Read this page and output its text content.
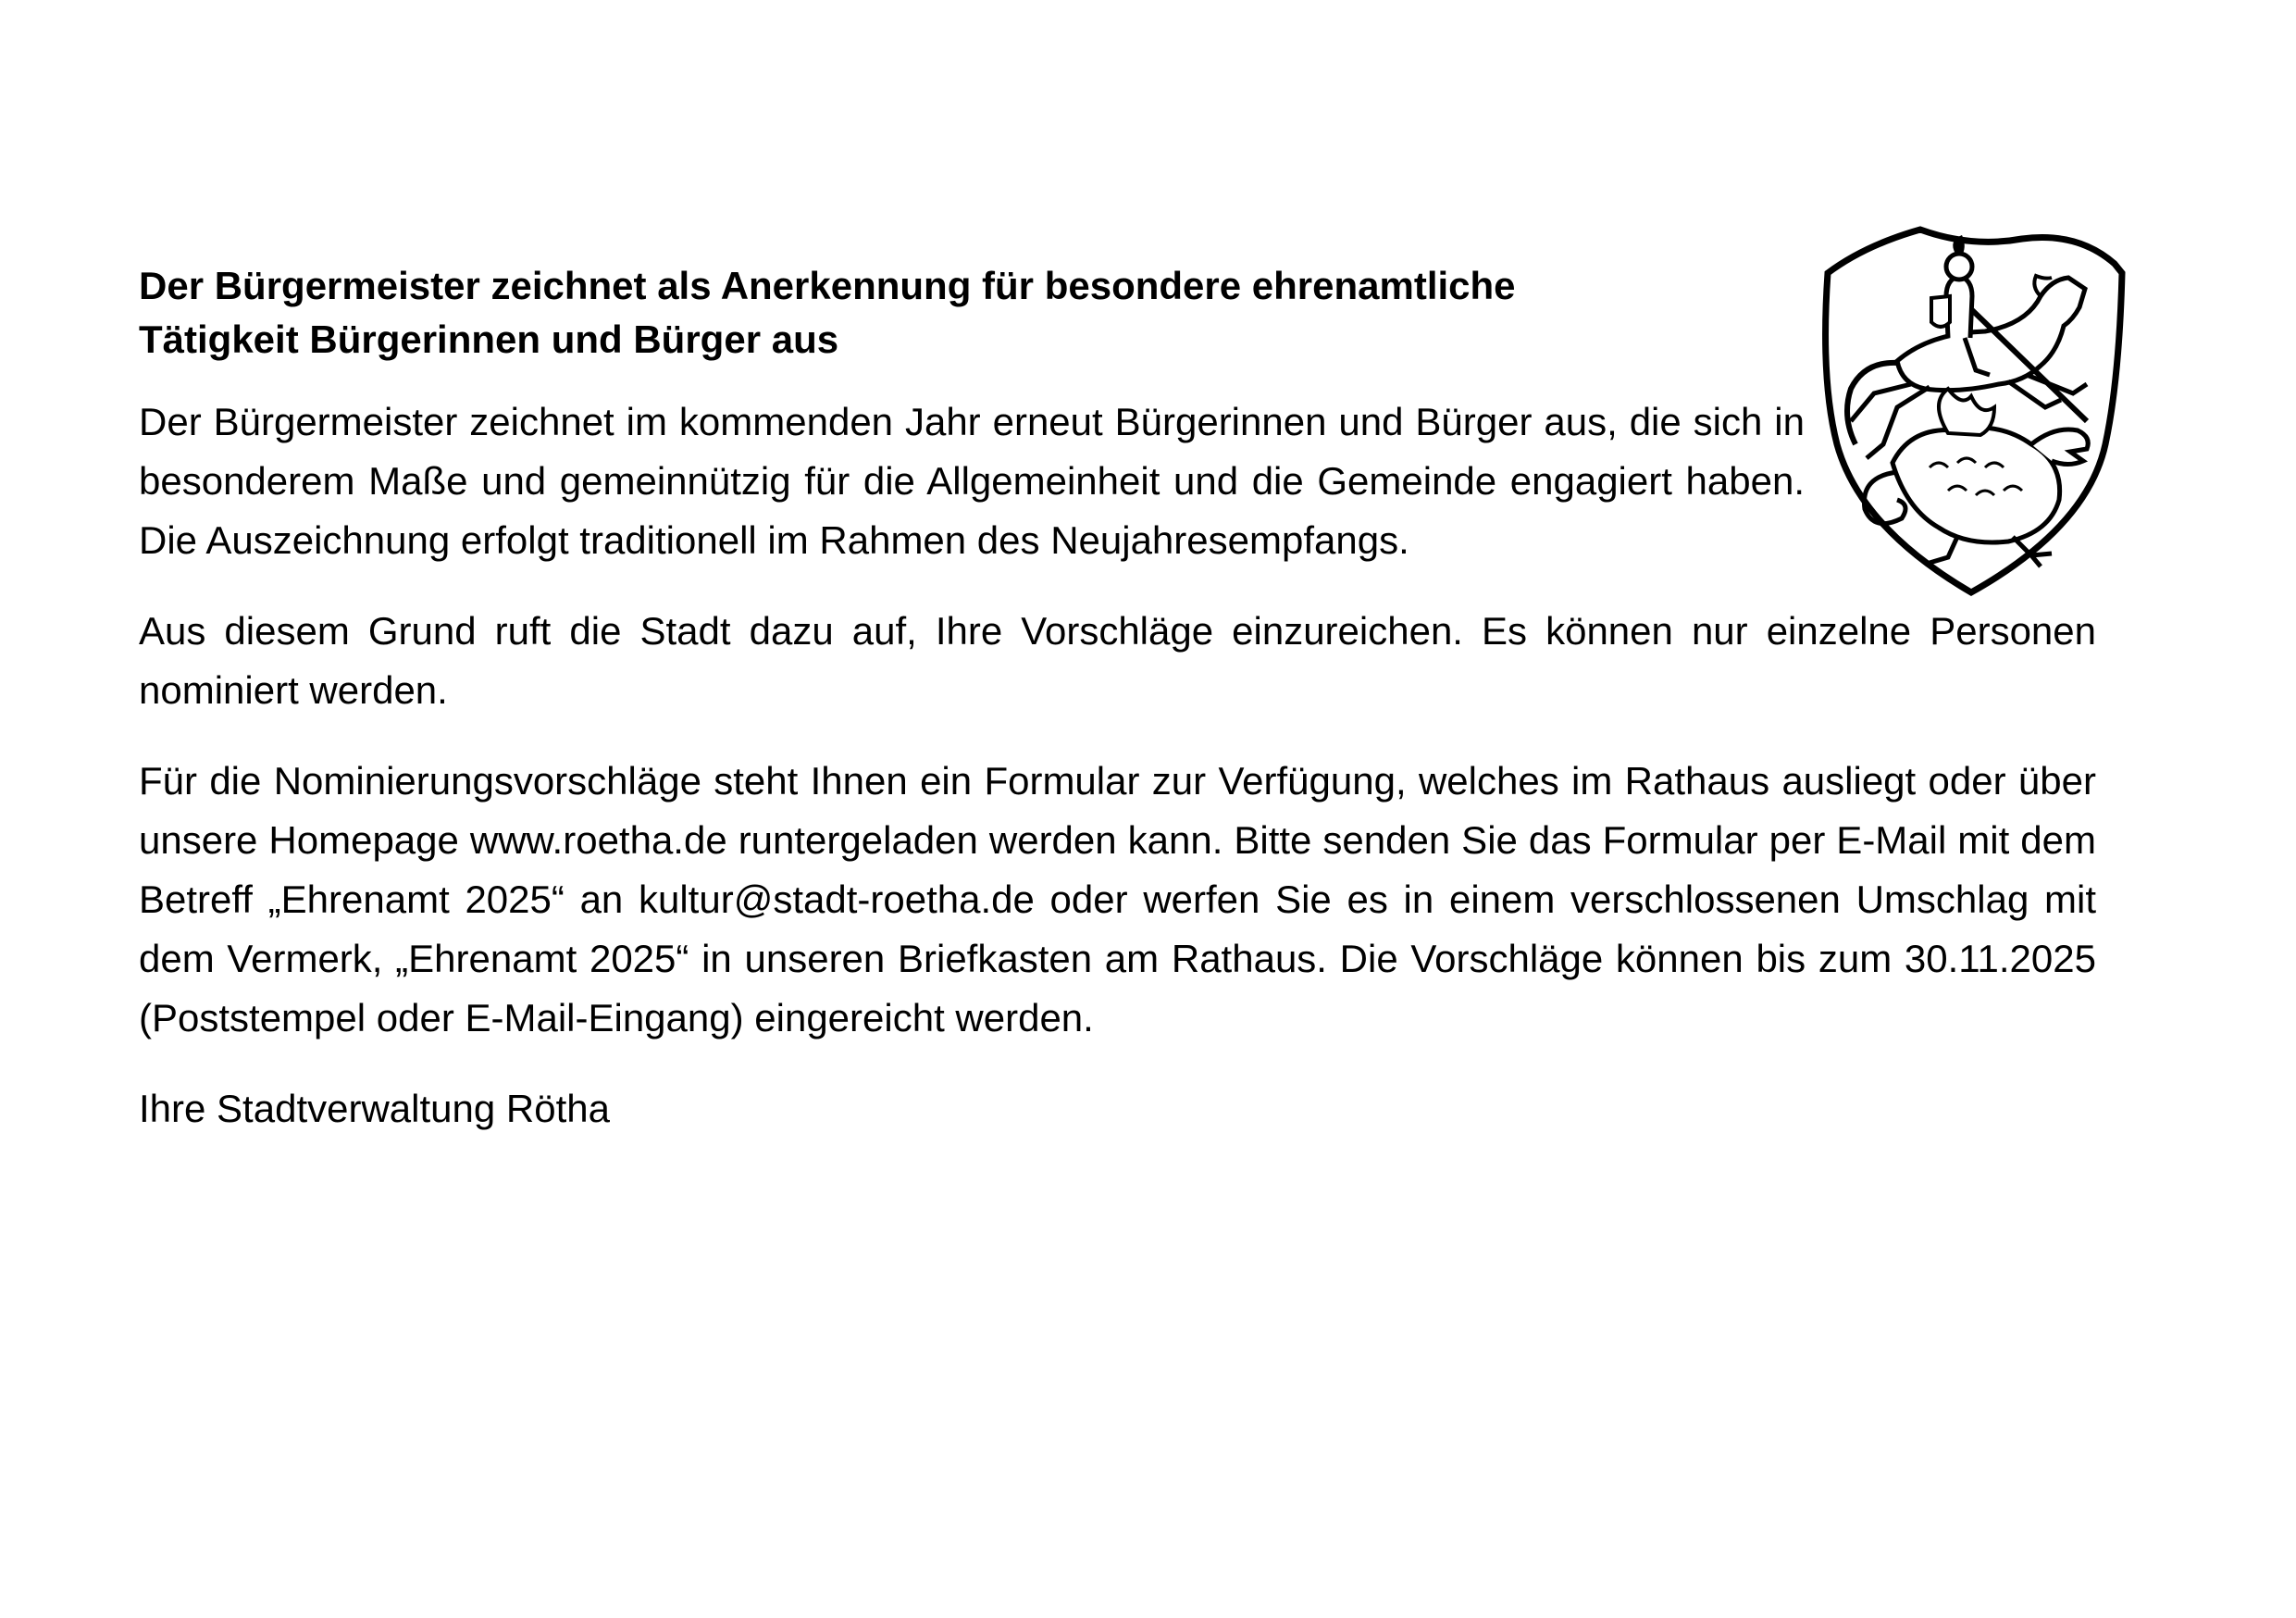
Der Bürgermeister zeichnet als Anerkennung für besondere ehrenamtliche
Tätigkeit Bürgerinnen und Bürger aus

Der Bürgermeister zeichnet im kommenden Jahr erneut Bürgerinnen und Bürger aus, die sich in besonderem Maße und gemeinnützig für die Allgemeinheit und die Gemeinde engagiert haben. Die Auszeichnung erfolgt traditionell im Rahmen des Neujahresempfangs.

Aus diesem Grund ruft die Stadt dazu auf, Ihre Vorschläge einzureichen. Es können nur einzelne Personen nominiert werden.

Für die Nominierungsvorschläge steht Ihnen ein Formular zur Verfügung, welches im Rathaus ausliegt oder über unsere Homepage www.roetha.de runtergeladen werden kann. Bitte senden Sie das Formular per E-Mail mit dem Betreff „Ehrenamt 2025“ an kultur@stadt-roetha.de oder werfen Sie es in einem verschlossenen Umschlag mit dem Vermerk, „Ehrenamt 2025“ in unseren Briefkasten am Rathaus. Die Vorschläge können bis zum 30.11.2025 (Poststempel oder E-Mail-Eingang) eingereicht werden.

Ihre Stadtverwaltung Rötha
